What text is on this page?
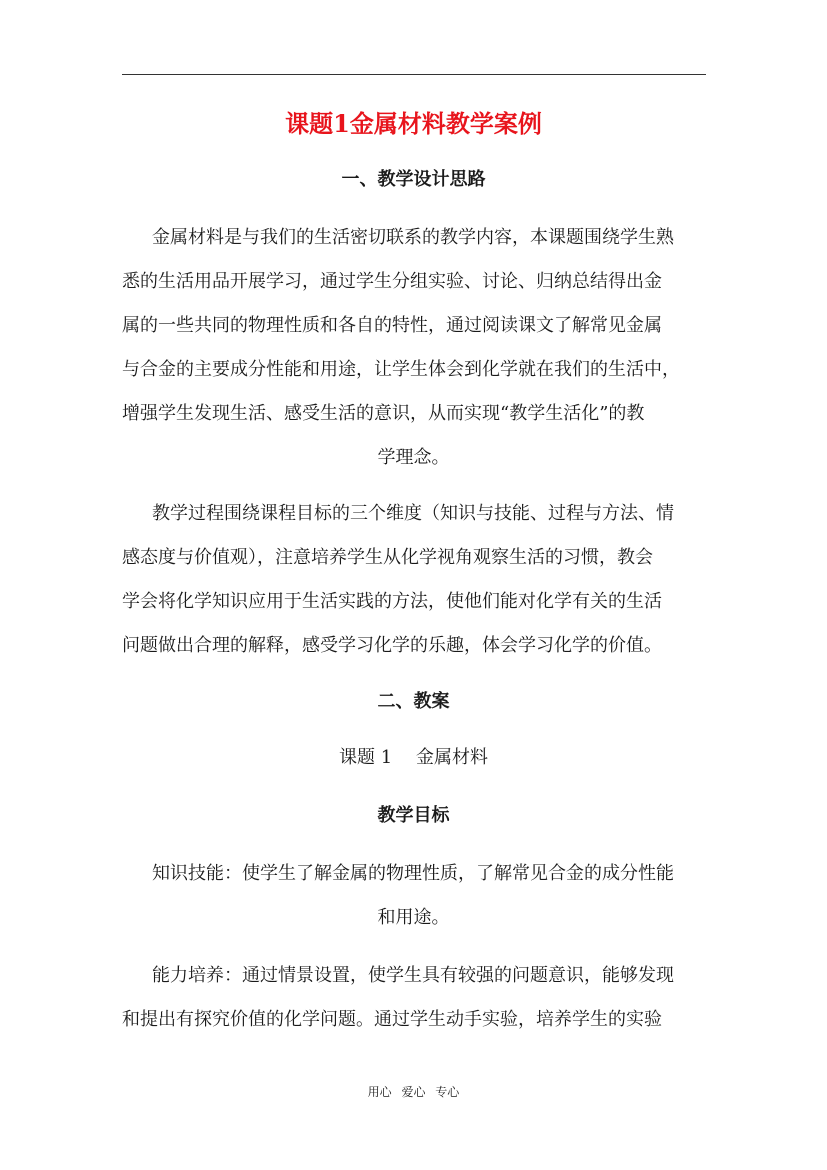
课题1金属材料教学案例
一、教学设计思路
金属材料是与我们的生活密切联系的教学内容，本课题围绕学生熟
悉的生活用品开展学习，通过学生分组实验、讨论、归纳总结得出金
属的一些共同的物理性质和各自的特性，通过阅读课文了解常见金属
与合金的主要成分性能和用途，让学生体会到化学就在我们的生活中，
增强学生发现生活、感受生活的意识，从而实现“教学生活化”的教
学理念。
教学过程围绕课程目标的三个维度（知识与技能、过程与方法、情
感态度与价值观），注意培养学生从化学视角观察生活的习惯，教会
学会将化学知识应用于生活实践的方法，使他们能对化学有关的生活
问题做出合理的解释，感受学习化学的乐趣，体会学习化学的价值。
二、教案
课题 1　 金属材料
教学目标
知识技能：使学生了解金属的物理性质，了解常见合金的成分性能
和用途。
能力培养：通过情景设置，使学生具有较强的问题意识，能够发现
和提出有探究价值的化学问题。通过学生动手实验，培养学生的实验
用心 爱心 专心
